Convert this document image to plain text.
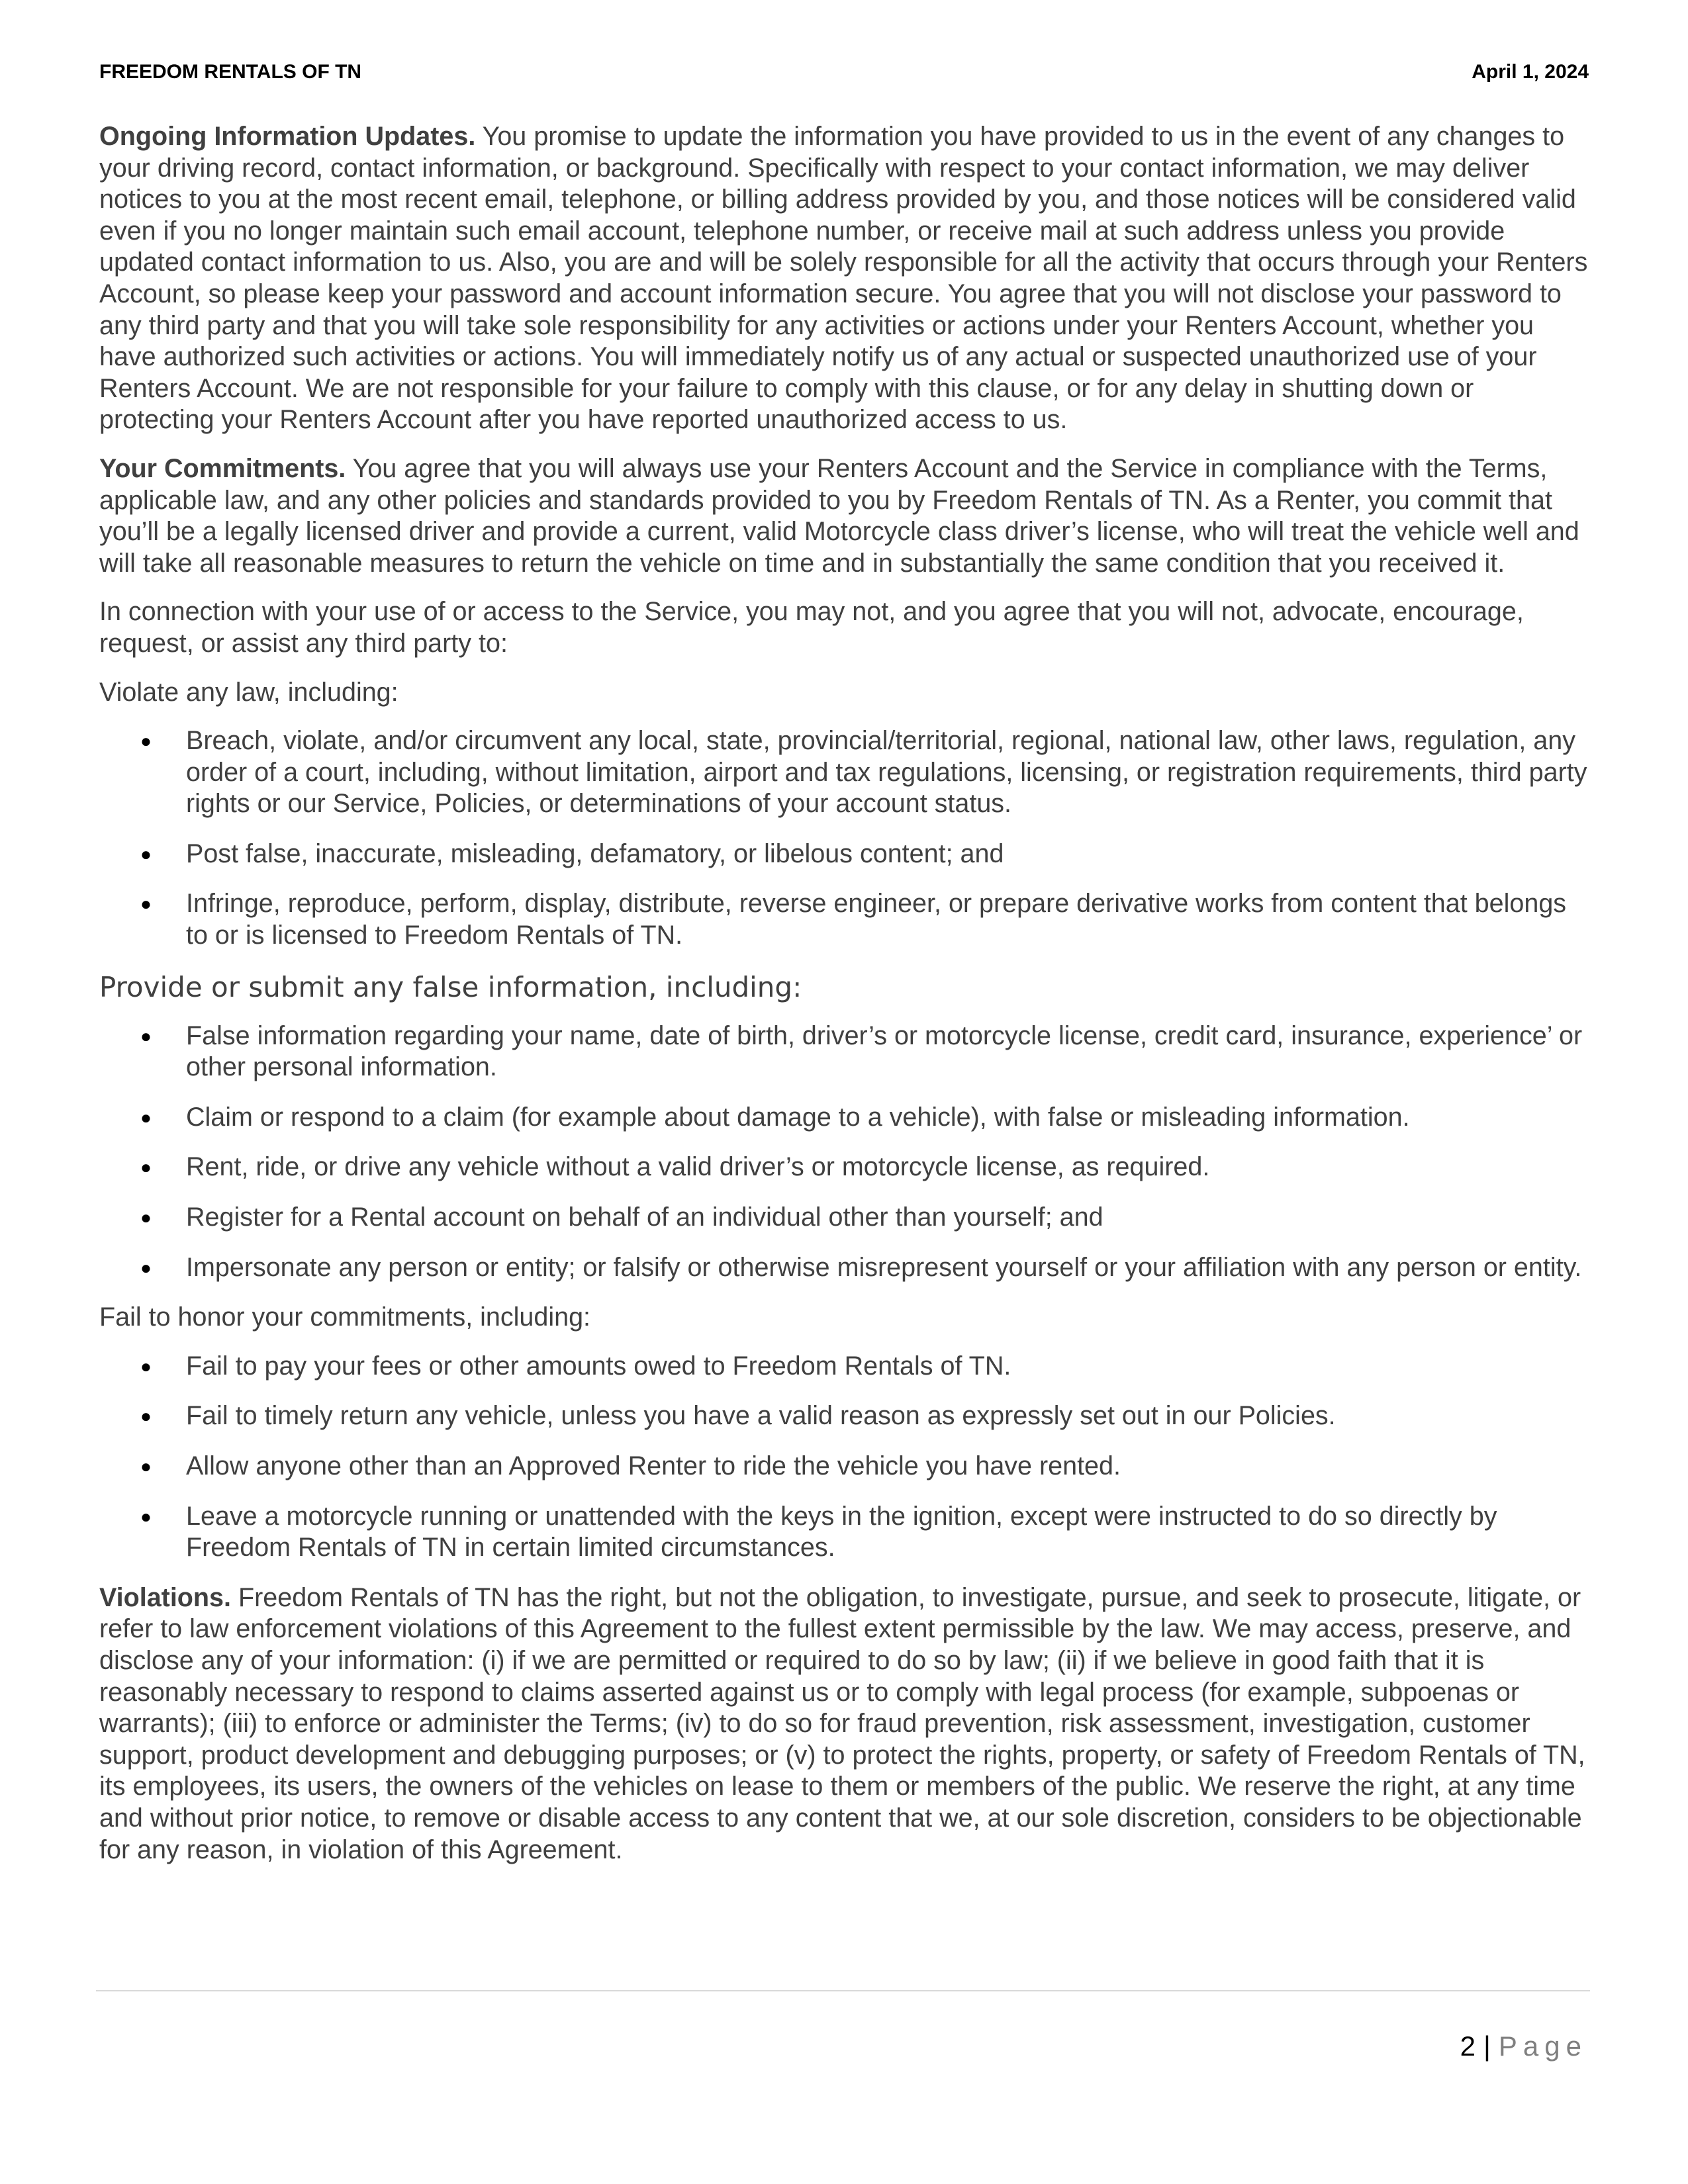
FREEDOM RENTALS OF TN	April 1, 2024

Ongoing Information Updates. You promise to update the information you have provided to us in the event of any changes to your driving record, contact information, or background. Specifically with respect to your contact information, we may deliver notices to you at the most recent email, telephone, or billing address provided by you, and those notices will be considered valid even if you no longer maintain such email account, telephone number, or receive mail at such address unless you provide updated contact information to us. Also, you are and will be solely responsible for all the activity that occurs through your Renters Account, so please keep your password and account information secure. You agree that you will not disclose your password to any third party and that you will take sole responsibility for any activities or actions under your Renters Account, whether you have authorized such activities or actions. You will immediately notify us of any actual or suspected unauthorized use of your Renters Account. We are not responsible for your failure to comply with this clause, or for any delay in shutting down or protecting your Renters Account after you have reported unauthorized access to us.

Your Commitments. You agree that you will always use your Renters Account and the Service in compliance with the Terms, applicable law, and any other policies and standards provided to you by Freedom Rentals of TN. As a Renter, you commit that you’ll be a legally licensed driver and provide a current, valid Motorcycle class driver’s license, who will treat the vehicle well and will take all reasonable measures to return the vehicle on time and in substantially the same condition that you received it.

In connection with your use of or access to the Service, you may not, and you agree that you will not, advocate, encourage, request, or assist any third party to:

Violate any law, including:

● Breach, violate, and/or circumvent any local, state, provincial/territorial, regional, national law, other laws, regulation, any order of a court, including, without limitation, airport and tax regulations, licensing, or registration requirements, third party rights or our Service, Policies, or determinations of your account status.
● Post false, inaccurate, misleading, defamatory, or libelous content; and
● Infringe, reproduce, perform, display, distribute, reverse engineer, or prepare derivative works from content that belongs to or is licensed to Freedom Rentals of TN.

Provide or submit any false information, including:

● False information regarding your name, date of birth, driver’s or motorcycle license, credit card, insurance, experience’ or other personal information.
● Claim or respond to a claim (for example about damage to a vehicle), with false or misleading information.
● Rent, ride, or drive any vehicle without a valid driver’s or motorcycle license, as required.
● Register for a Rental account on behalf of an individual other than yourself; and
● Impersonate any person or entity; or falsify or otherwise misrepresent yourself or your affiliation with any person or entity.

Fail to honor your commitments, including:

● Fail to pay your fees or other amounts owed to Freedom Rentals of TN.
● Fail to timely return any vehicle, unless you have a valid reason as expressly set out in our Policies.
● Allow anyone other than an Approved Renter to ride the vehicle you have rented.
● Leave a motorcycle running or unattended with the keys in the ignition, except were instructed to do so directly by Freedom Rentals of TN in certain limited circumstances.

Violations. Freedom Rentals of TN has the right, but not the obligation, to investigate, pursue, and seek to prosecute, litigate, or refer to law enforcement violations of this Agreement to the fullest extent permissible by the law. We may access, preserve, and disclose any of your information: (i) if we are permitted or required to do so by law; (ii) if we believe in good faith that it is reasonably necessary to respond to claims asserted against us or to comply with legal process (for example, subpoenas or warrants); (iii) to enforce or administer the Terms; (iv) to do so for fraud prevention, risk assessment, investigation, customer support, product development and debugging purposes; or (v) to protect the rights, property, or safety of Freedom Rentals of TN, its employees, its users, the owners of the vehicles on lease to them or members of the public. We reserve the right, at any time and without prior notice, to remove or disable access to any content that we, at our sole discretion, considers to be objectionable for any reason, in violation of this Agreement.

2 | Page
